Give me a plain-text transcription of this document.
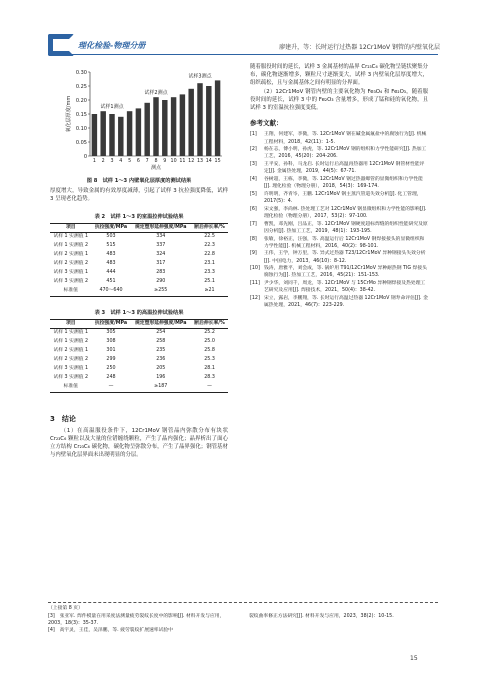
理化检验-物理分册	廖建升，等：长时运行过热器 12Cr1MoV 钢管的内壁氧化层
0
0.05
0.10
0.15
0.20
0.25
0.30
氧化层厚度/mm	试样1测点
试样2测点
试样3测点
1 2 3 4 5 6 7 8 9 10 11 12 13 14 15
测点
图 8　试样 1～3 内壁氧化层厚度的测试结果

厚度增大，导致金属的有效厚度减薄，引起了试样 3 抗拉强度降低，试样 3 呈现老化趋势。

表 2　试样 1～3 的室温拉伸试验结果
项目	抗拉强度/MPa	规定塑形延伸强度/MPa	断后伸长率/%
试样 1 实测值 1	503	334	22.5
试样 1 实测值 2	515	337	22.3
试样 2 实测值 1	483	324	22.8
试样 2 实测值 2	483	317	23.1
试样 3 实测值 1	444	283	23.3
试样 3 实测值 2	451	290	25.1
标准值	470～640	≥255	≥21
表 3　试样 1～3 的高温拉伸试验结果
项目	抗拉强度/MPa	规定塑形延伸强度/MPa	断后伸长率/%
试样 1 实测值 1	305	254	25.2
试样 1 实测值 2	308	258	25.0
试样 2 实测值 1	301	235	25.8
试样 2 实测值 2	299	236	25.3
试样 3 实测值 1	250	205	28.1
试样 3 实测值 2	248	196	28.3
标准值	—	≥187	—
3　结论

（1）在高温服役条件下，12Cr1MoV 钢管晶内弥散分布有块状 Cr₂₃C₆ 颗粒以及大量的位错缠绕颗粒，产生了晶内强化；晶界析出了面心立方结构 Cr₂₃C₆ 碳化物，碳化物呈弥散分布，产生了晶界强化；钢管基材与内壁氧化层界面未出现明显的分层。

随着服役时间的延长，试样 3 金属基材的晶界 Cr₂₃C₆ 碳化物呈链状聚集分布，碳化物逐渐增多，颗粒尺寸逐渐变大，试样 3 内壁氧化层厚度增大，组织疏松，且与金属基体之间有明显的分界面。

（2）12Cr1MoV 钢管内壁的主要氧化物为 Fe₃O₄ 和 Fe₂O₃，随着服役时间的延长，试样 3 中的 Fe₂O₃ 含量增多，形成了锰和硅的氧化物，且试样 3 的室温抗拉强度变低。

参考文献：
[1]	王翔，何建军，李微，等. 12Cr1MoV 钢在碱金属氟盐中的腐蚀行为[J]. 机械工程材料，2018，42(11)：1-5.
[2]	杨在志，傅小明，孙虎，等. 12Cr1MoV 钢的组织和力学性能研究[J]. 热加工工艺，2016，45(20)：204-206.
[3]	王平安，孙科，马龙启. 长时运行后高温再热器用 12Cr1MoV 钢管材性能评定[J]. 金属热处理，2019，44(5)：67-71.
[4]	谷树超，王栋，李微，等. 12Cr1MoV 钢过热器爆管的显微组织和力学性能[J]. 理化检验（物理分册），2018，54(3)：169-174.
[5]	许明明，齐青岑，王鹏. 12Cr1MoV 钢主蒸汽管道失效分析[J]. 化工管理，2017(5)：4.
[6]	宋文强，李尚林. 热处理工艺对 12Cr1MoV 钢显微组织和力学性能的影响[J]. 理化检验（物理分册），2017，53(2)：97-100.
[7]	曹凯，邓先刚，吕品正，等. 12Cr1MoV 钢硬度超标焊缝的组织性能研究及原因分析[J]. 热加工工艺，2019，48(1)：193-195.
[8]	张敏，徐裕正，汪强，等. 高温运行后 12Cr1MoV 钢焊接接头的显微组织和力学性能[J]. 机械工程材料，2016，40(2)：98-101.
[9]	王伟，王学，钟万里，等. 异式过热器 T23/12Cr1MoV 异种钢接头失效分析[J]. 中国电力，2013，46(10)：8-12.
[10] 钱涛，唐雅平，刘会成，等. 锅炉用 T91/12Cr1MoV 异种耐热钢 TIG 焊接头腐蚀行为[J]. 热加工工艺，2016，45(21)：151-153.
[11] 尹少华，刘同千，周龙，等. 12Cr1MoV 与 15CrMo 异种钢焊接及热处理工艺研究及应用[J]. 焊接技术，2021，50(4)：38-42.
[12] 宋立，露岩，李鹏翔，等. 长时运行高温过热器 12Cr1MoV 钢寿命评估[J]. 金属热处理，2021，46(7)：223-229.
（上接第 8 页）
[3]　张亚军. 焊件模量在用采度法测量疲劳裂纹长度中的影响[J]. 材料开发与应用，2003，18(3)：35-37.
[4]　高宇灵，王佳，吴泽鹏，等. 疲劳裂纹扩展速率试验中
裂纹曲率修正方法研究[J]. 材料开发与应用，2023，38(2)：10-15.
15
